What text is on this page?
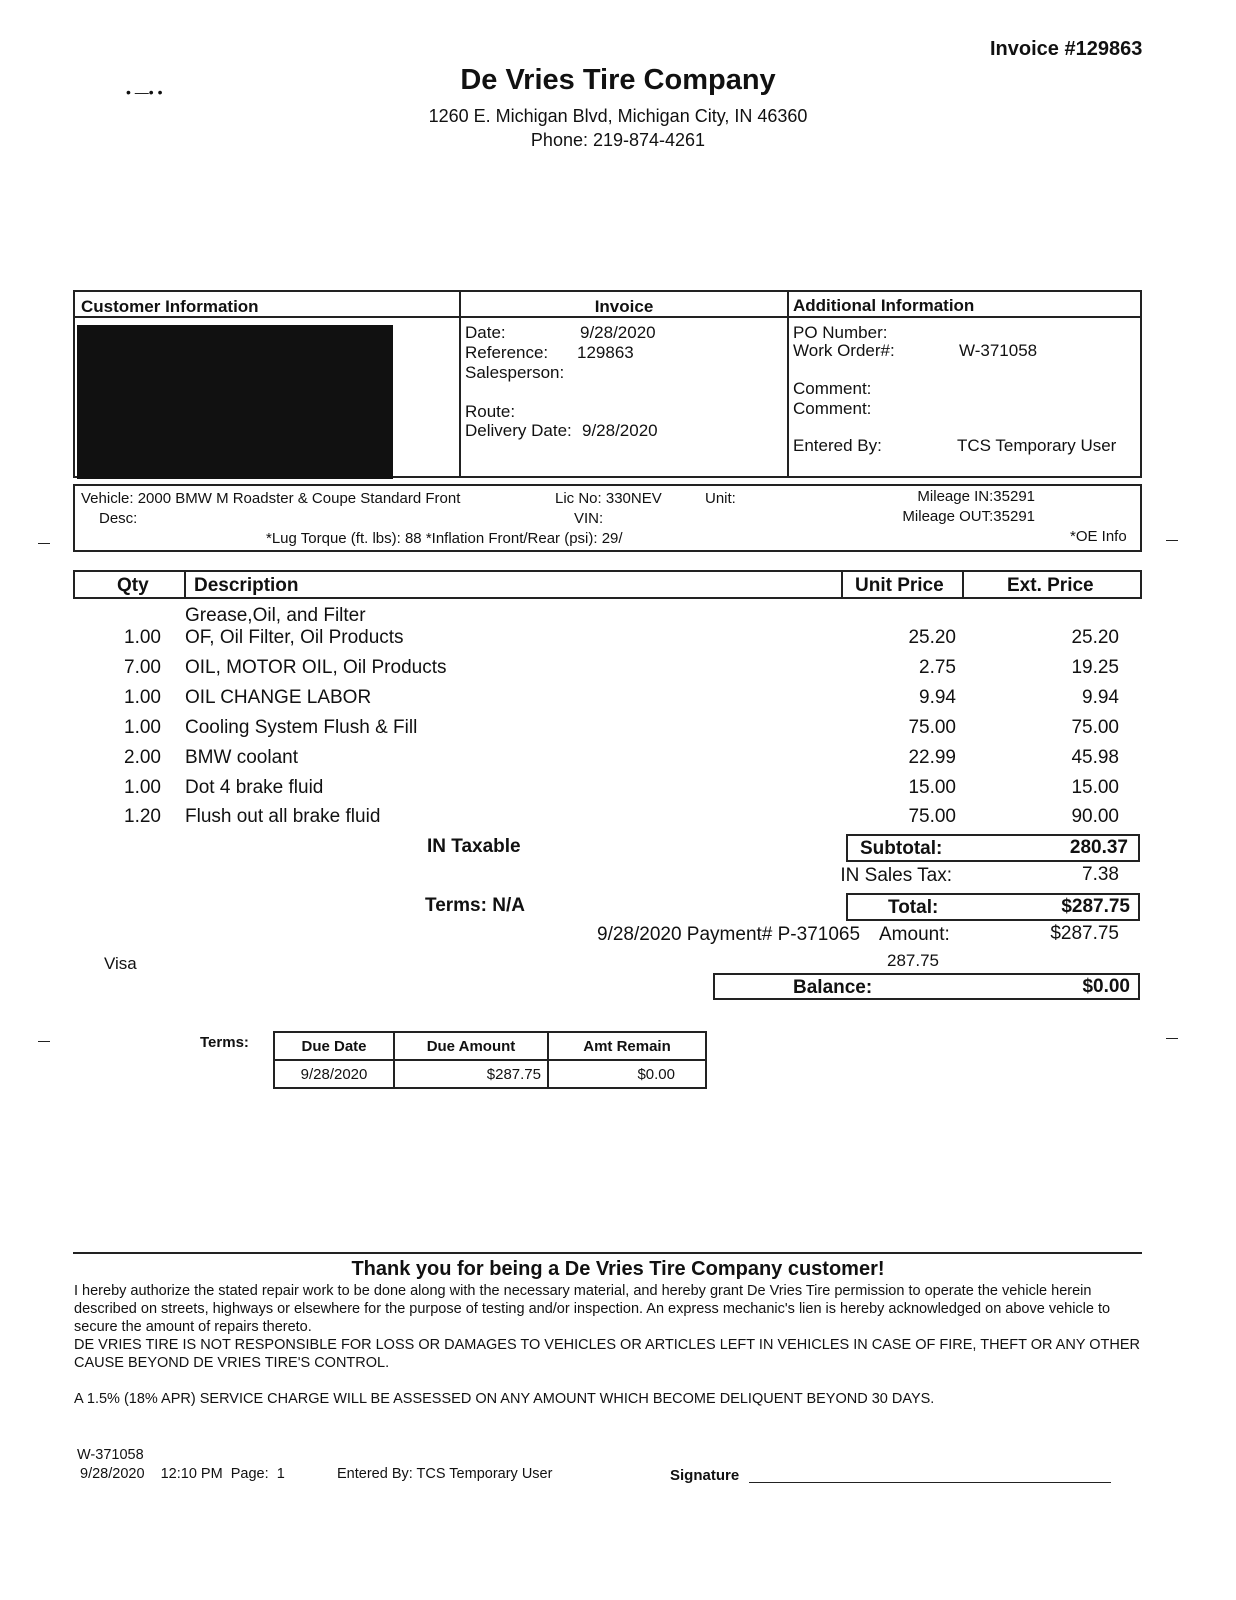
• —• •
Invoice #129863
De Vries Tire Company
1260 E. Michigan Blvd, Michigan City, IN 46360
Phone: 219-874-4261
Customer Information	Invoice
Date:	9/28/2020
Reference: 129863
Salesperson:
Route:
Delivery Date: 9/28/2020
Additional Information
PO Number:
Work Order#:	W-371058
Comment:
Comment:
Entered By:	TCS Temporary User
Vehicle: 2000 BMW M Roadster & Coupe Standard Front
Desc:
Lic No: 330NEV
VIN:
Unit:	Mileage IN:35291
Mileage OUT:35291
*Lug Torque (ft. lbs): 88 *Inflation Front/Rear (psi): 29/	*OE Info
Qty Description	Unit Price	Ext. Price
Grease,Oil, and Filter
1.00 OF, Oil Filter, Oil Products	25.20	25.20
7.00 OIL, MOTOR OIL, Oil Products	2.75	19.25
1.00 OIL CHANGE LABOR	9.94	9.94
1.00 Cooling System Flush & Fill	75.00	75.00
2.00 BMW coolant	22.99	45.98
1.00 Dot 4 brake fluid	15.00	15.00
1.20 Flush out all brake fluid	75.00	90.00
IN Taxable	Subtotal:	280.37
IN Sales Tax:	7.38
Terms: N/A	Total:	$287.75
9/28/2020 Payment# P-371065 Amount:	$287.75
Visa	287.75
Balance:	$0.00
Terms:	Due Date	Due Amount	Amt Remain
9/28/2020	$287.75	$0.00
Thank you for being a De Vries Tire Company customer!
I hereby authorize the stated repair work to be done along with the necessary material, and hereby grant De Vries Tire permission to operate the vehicle herein described on streets, highways or elsewhere for the purpose of testing and/or inspection. An express mechanic's lien is hereby acknowledged on above vehicle to secure the amount of repairs thereto.
DE VRIES TIRE IS NOT RESPONSIBLE FOR LOSS OR DAMAGES TO VEHICLES OR ARTICLES LEFT IN VEHICLES IN CASE OF FIRE, THEFT OR ANY OTHER CAUSE BEYOND DE VRIES TIRE'S CONTROL.
A 1.5% (18% APR) SERVICE CHARGE WILL BE ASSESSED ON ANY AMOUNT WHICH BECOME DELIQUENT BEYOND 30 DAYS.
W-371058
9/28/2020    12:10 PM  Page:  1	Entered By: TCS Temporary User	Signature
